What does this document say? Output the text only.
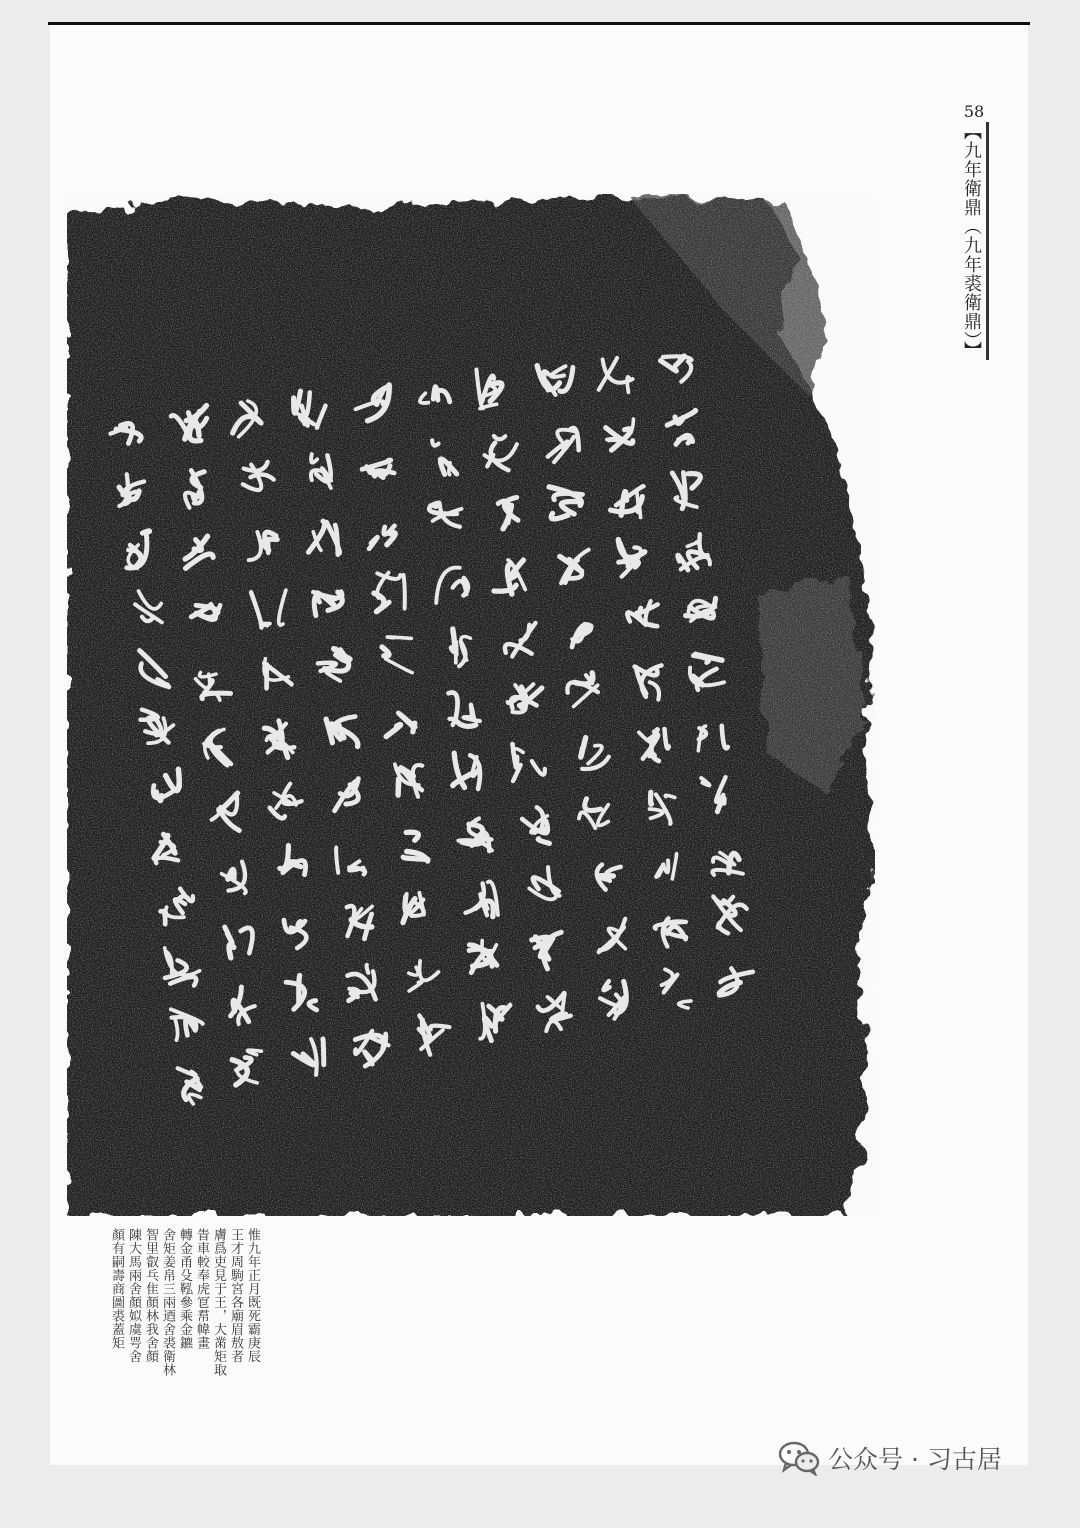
58
【九年衛鼎（九年裘衛鼎）】
惟九年正月既死霸庚辰
王才周駒宮各廟眉敖者
膚爲吏見于王，大黹矩取
眚車較奉虎冟帬幃畫
轉金甬殳鞃參乘金鑣
舍矩姜帛三兩迺舍裘衛林
智里叡乓隹顏林我舍顏
陳大馬兩舍顏姒虞咢舍
顏有嗣壽商圖裘蓋矩
公众号 · 习古居
